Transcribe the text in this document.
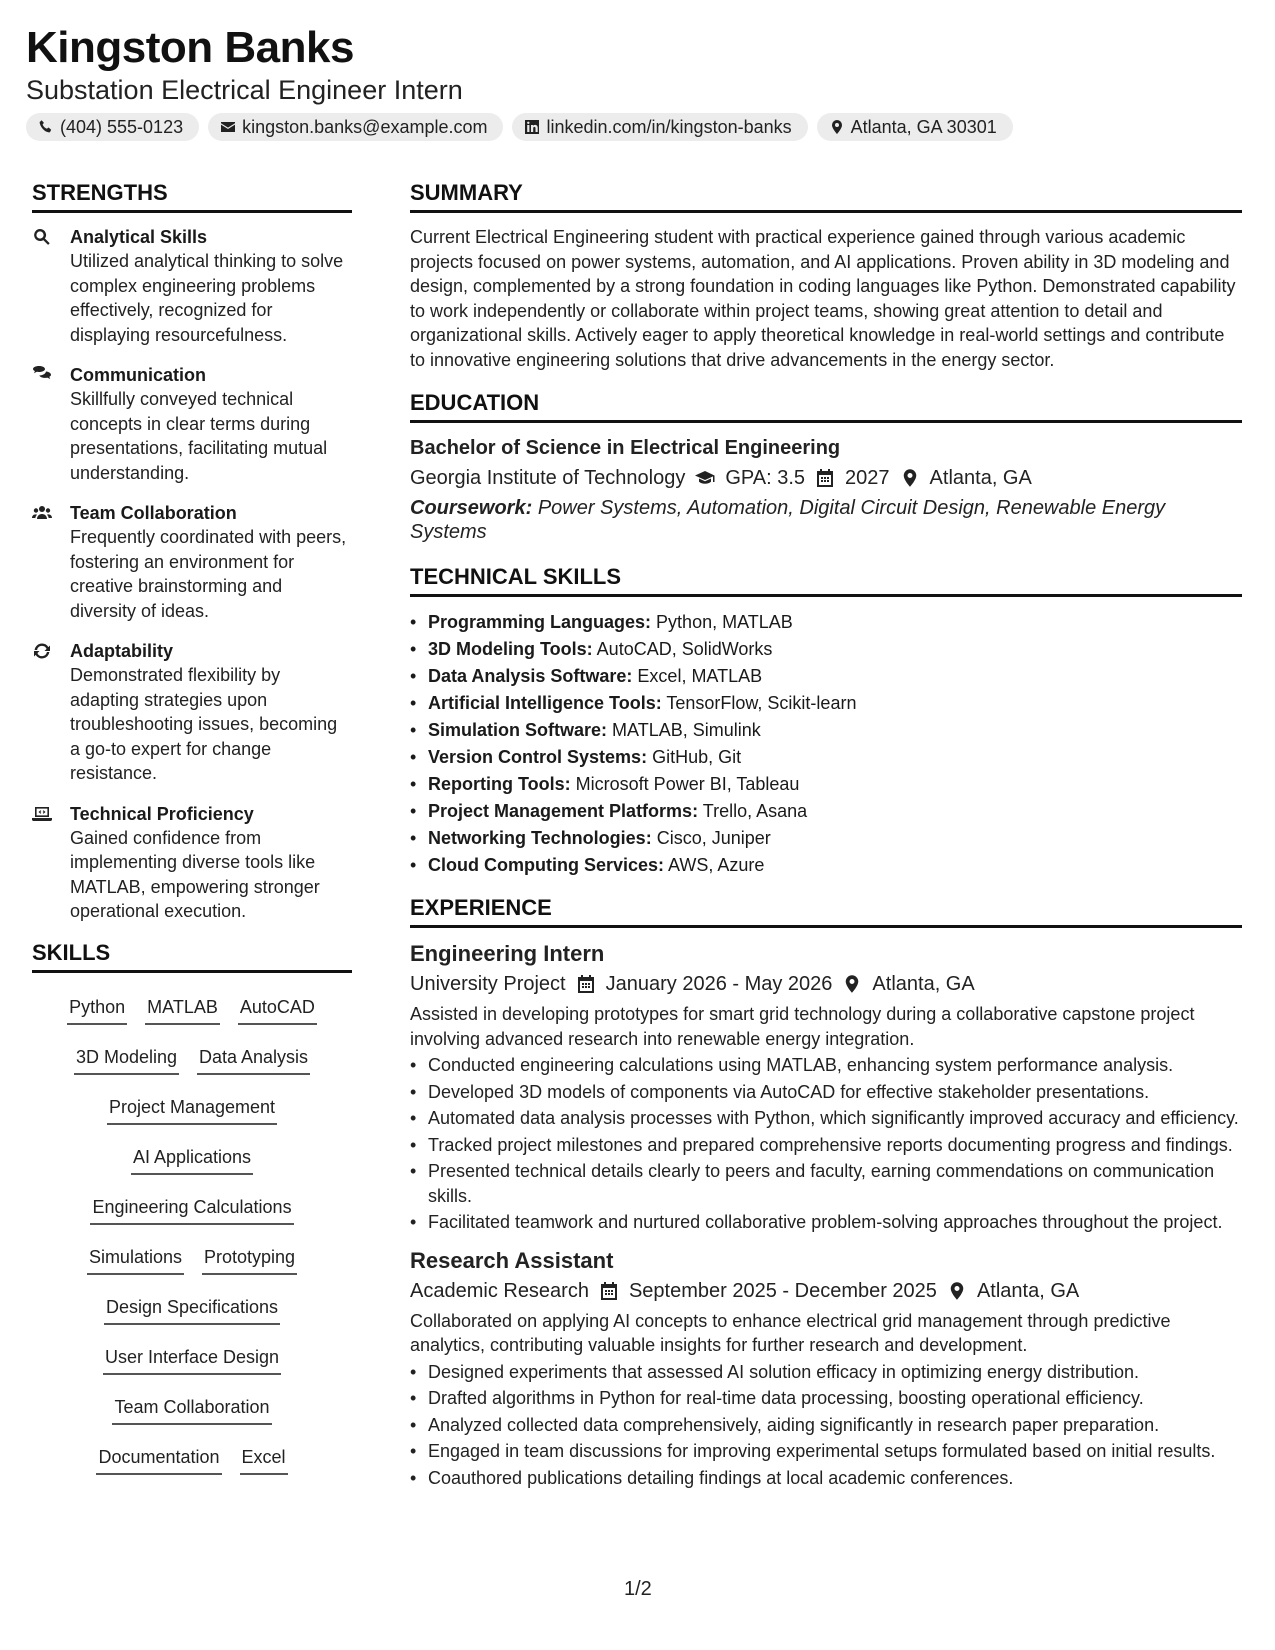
Kingston Banks
Substation Electrical Engineer Intern
(404) 555-0123	kingston.banks@example.com	linkedin.com/in/kingston-banks	Atlanta, GA 30301
STRENGTHS
Analytical Skills
Utilized analytical thinking to solve complex engineering problems effectively, recognized for displaying resourcefulness.
Communication
Skillfully conveyed technical concepts in clear terms during presentations, facilitating mutual understanding.
Team Collaboration
Frequently coordinated with peers, fostering an environment for creative brainstorming and diversity of ideas.
Adaptability
Demonstrated flexibility by adapting strategies upon troubleshooting issues, becoming a go-to expert for change resistance.
Technical Proficiency
Gained confidence from implementing diverse tools like MATLAB, empowering stronger operational execution.
SKILLS
Python MATLAB AutoCAD
3D Modeling Data Analysis
Project Management
AI Applications
Engineering Calculations
Simulations Prototyping
Design Specifications
User Interface Design
Team Collaboration
Documentation Excel
SUMMARY
Current Electrical Engineering student with practical experience gained through various academic projects focused on power systems, automation, and AI applications. Proven ability in 3D modeling and design, complemented by a strong foundation in coding languages like Python. Demonstrated capability to work independently or collaborate within project teams, showing great attention to detail and organizational skills. Actively eager to apply theoretical knowledge in real-world settings and contribute to innovative engineering solutions that drive advancements in the energy sector.
EDUCATION
Bachelor of Science in Electrical Engineering
Georgia Institute of Technology GPA: 3.5 2027 Atlanta, GA
Coursework: Power Systems, Automation, Digital Circuit Design, Renewable Energy Systems
TECHNICAL SKILLS
• Programming Languages: Python, MATLAB
• 3D Modeling Tools: AutoCAD, SolidWorks
• Data Analysis Software: Excel, MATLAB
• Artificial Intelligence Tools: TensorFlow, Scikit-learn
• Simulation Software: MATLAB, Simulink
• Version Control Systems: GitHub, Git
• Reporting Tools: Microsoft Power BI, Tableau
• Project Management Platforms: Trello, Asana
• Networking Technologies: Cisco, Juniper
• Cloud Computing Services: AWS, Azure
EXPERIENCE
Engineering Intern
University Project January 2026 - May 2026 Atlanta, GA
Assisted in developing prototypes for smart grid technology during a collaborative capstone project involving advanced research into renewable energy integration.
• Conducted engineering calculations using MATLAB, enhancing system performance analysis.
• Developed 3D models of components via AutoCAD for effective stakeholder presentations.
• Automated data analysis processes with Python, which significantly improved accuracy and efficiency.
• Tracked project milestones and prepared comprehensive reports documenting progress and findings.
• Presented technical details clearly to peers and faculty, earning commendations on communication skills.
• Facilitated teamwork and nurtured collaborative problem-solving approaches throughout the project.
Research Assistant
Academic Research September 2025 - December 2025 Atlanta, GA
Collaborated on applying AI concepts to enhance electrical grid management through predictive analytics, contributing valuable insights for further research and development.
• Designed experiments that assessed AI solution efficacy in optimizing energy distribution.
• Drafted algorithms in Python for real-time data processing, boosting operational efficiency.
• Analyzed collected data comprehensively, aiding significantly in research paper preparation.
• Engaged in team discussions for improving experimental setups formulated based on initial results.
• Coauthored publications detailing findings at local academic conferences.
1/2
